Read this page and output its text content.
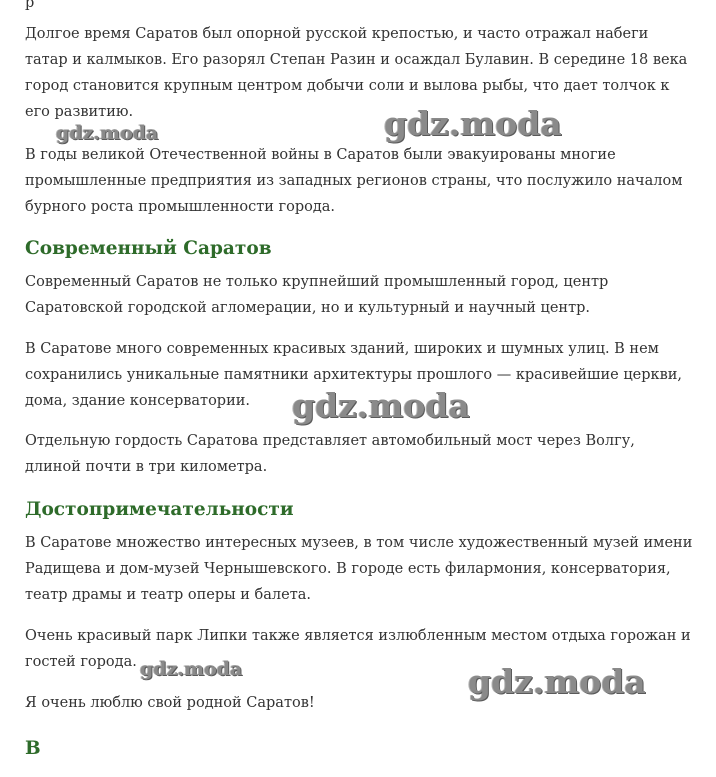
р

Долгое время Саратов был опорной русской крепостью, и часто отражал набеги татар и калмыков. Его разорял Степан Разин и осаждал Булавин. В середине 18 века город становится крупным центром добычи соли и вылова рыбы, что дает толчок к его развитию.

В годы великой Отечественной войны в Саратов были эвакуированы многие промышленные предприятия из западных регионов страны, что послужило началом бурного роста промышленности города.

Современный Саратов

Современный Саратов не только крупнейший промышленный город, центр Саратовской городской агломерации, но и культурный и научный центр.

В Саратове много современных красивых зданий, широких и шумных улиц. В нем сохранились уникальные памятники архитектуры прошлого — красивейшие церкви, дома, здание консерватории.

Отдельную гордость Саратова представляет автомобильный мост через Волгу, длиной почти в три километра.

Достопримечательности

В Саратове множество интересных музеев, в том числе художественный музей имени Радищева и дом-музей Чернышевского. В городе есть филармония, консерватория, театр драмы и театр оперы и балета.

Очень красивый парк Липки также является излюбленным местом отдыха горожан и гостей города.

Я очень люблю свой родной Саратов!

В
gdz.moda	gdz.moda
gdz.moda
gdz.moda	gdz.moda
